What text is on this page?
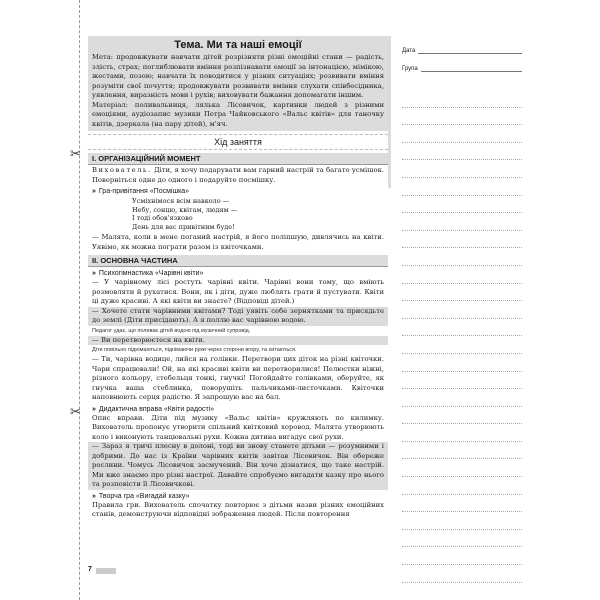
✂
✂

Тема. Ми та наші емоції

Мета: продовжувати навчати дітей розрізняти різні емоційні стани — радість, злість, страх; поглиблювати вміння розпізнавати емоції за інтонацією, мімікою, жестами, позою; навчати їх поводитися у різних ситуаціях; розвивати вміння розуміти свої почуття; продовжувати розвивати вміння слухати співбесідника, уявлення, виразність мови і рухів; виховувати бажання допомагати іншим.

Матеріал: поливальниця, лялька Лісовичок, картинки людей з різними емоціями, аудіозапис музики Петра Чайковського «Вальс квітів» для таночку квітів, дзеркала (на пару дітей), м'яч.

Хід заняття

I. ОРГАНІЗАЦІЙНИЙ МОМЕНТ

Вихователь. Діти, я хочу подарувати вам гарний настрій та багато усмішок. Поверніться одне до одного і подаруйте посмішку.

» Гра-привітання «Посмішка»

Усміхнімося всім навколо —
Небу, сонцю, квітам, людям —
І тоді обов'язково
День для вас привітним буде!

— Малята, коли в мене поганий настрій, я його поліпшую, дивлячись на квіти. Уявімо, як можна пограти разом із квіточками.

II. ОСНОВНА ЧАСТИНА

» Психогімнастика «Чарівні квіти»

— У чарівному лісі ростуть чарівні квіти. Чарівні вони тому, що вміють розмовляти й рухатися. Вони, як і діти, дуже люблять грати й пустувати. Квіти ці дуже красиві. А які квіти ви знаєте? (Відповіді дітей.)

— Хочете стати чарівними квітами? Тоді уявіть себе зернятками та присядьте до землі (Діти присідають). А я поллю вас чарівною водою.

Педагог удає, що поливає дітей водою під музичний супровід.

— Ви перетворюєтеся на квіти.

Діти повільно піднімаються, піднімаючи руки через сторони вгору, та хитаються.

— Ти, чарівна водице, лийся на голівки. Перетвори цих діток на різні квіточки. Чари спрацювали! Ой, на які красиві квіти ви перетворилися! Пелюстки ніжні, різного кольору, стебельця тонкі, гнучкі! Погойдайте голівками, оберуйте, як гнучка ваша стеблинка, поворушіть пальчиками-листочками. Квіточки наповнюють серця радістю. Я запрошую вас на бал.

» Дидактична вправа «Квіти радості»

Опис вправи. Діти під музику «Вальс квітів» кружляють по килимку. Вихователь пропонує утворити спільний квітковий хоровод. Малята утворюють коло і виконують танцювальні рухи. Кожна дитина вигадує свої рухи.

— Зараз я тричі плесну в долоні, тоді ви знову станете дітьми — розумними і добрими. До нас із Країни чарівних квітів завітав Лісовичок. Він обереже рослини. Чомусь Лісовичок засмучений. Він хоче дізнатися, що таке настрій. Ми вже знаємо про різні настрої. Давайте спробуємо вигадати казку про нього та розповісти її Лісовичкові.

» Творча гра «Вигадай казку»

Правила гри. Вихователь спочатку повторює з дітьми назви різних емоційних станів, демонструючи відповідні зображення людей. Після повторення

Дата
Група
7
